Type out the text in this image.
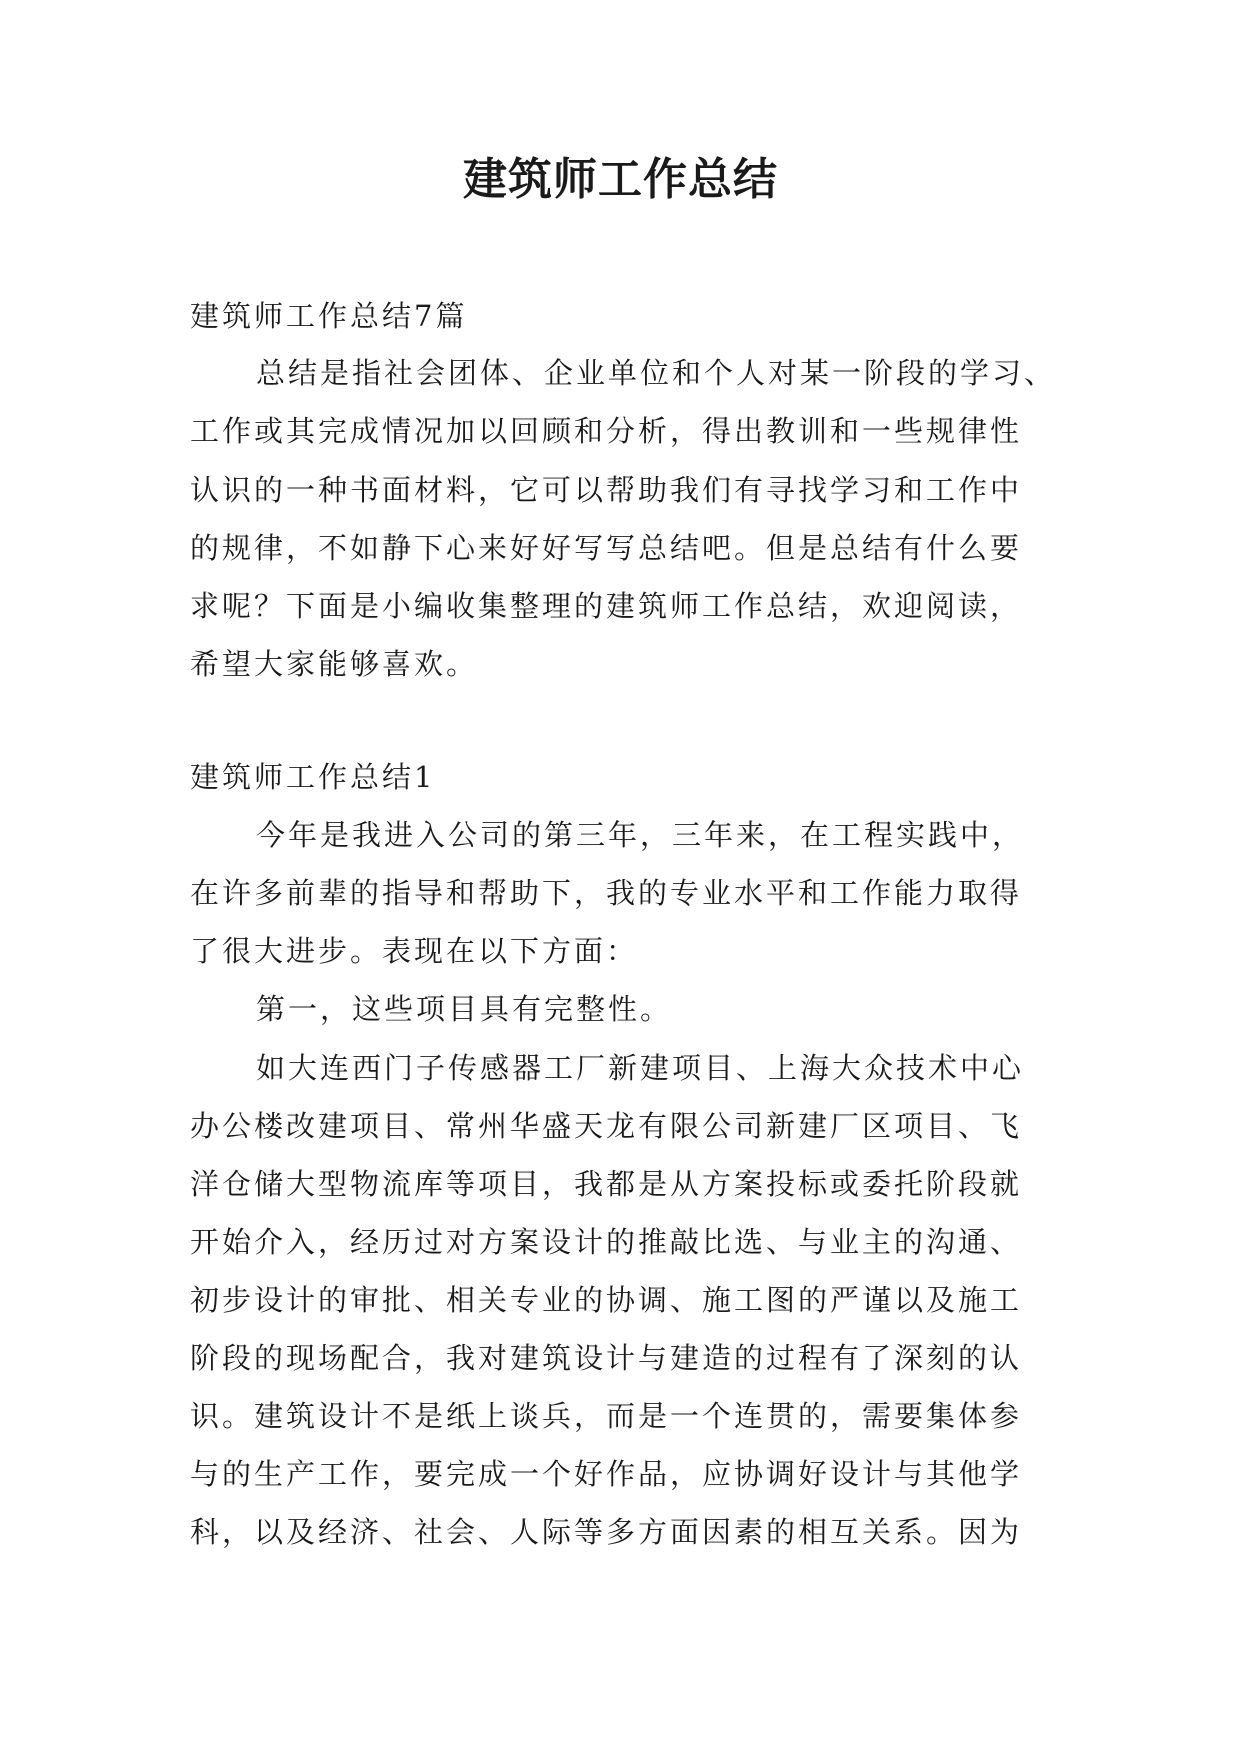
建筑师工作总结

建筑师工作总结7篇

总结是指社会团体、企业单位和个人对某一阶段的学习、

工作或其完成情况加以回顾和分析，得出教训和一些规律性

认识的一种书面材料，它可以帮助我们有寻找学习和工作中

的规律，不如静下心来好好写写总结吧。但是总结有什么要

求呢？下面是小编收集整理的建筑师工作总结，欢迎阅读，

希望大家能够喜欢。

建筑师工作总结1

今年是我进入公司的第三年，三年来，在工程实践中，

在许多前辈的指导和帮助下，我的专业水平和工作能力取得

了很大进步。表现在以下方面：

第一，这些项目具有完整性。

如大连西门子传感器工厂新建项目、上海大众技术中心

办公楼改建项目、常州华盛天龙有限公司新建厂区项目、飞

洋仓储大型物流库等项目，我都是从方案投标或委托阶段就

开始介入，经历过对方案设计的推敲比选、与业主的沟通、

初步设计的审批、相关专业的协调、施工图的严谨以及施工

阶段的现场配合，我对建筑设计与建造的过程有了深刻的认

识。建筑设计不是纸上谈兵，而是一个连贯的，需要集体参

与的生产工作，要完成一个好作品，应协调好设计与其他学

科，以及经济、社会、人际等多方面因素的相互关系。因为
